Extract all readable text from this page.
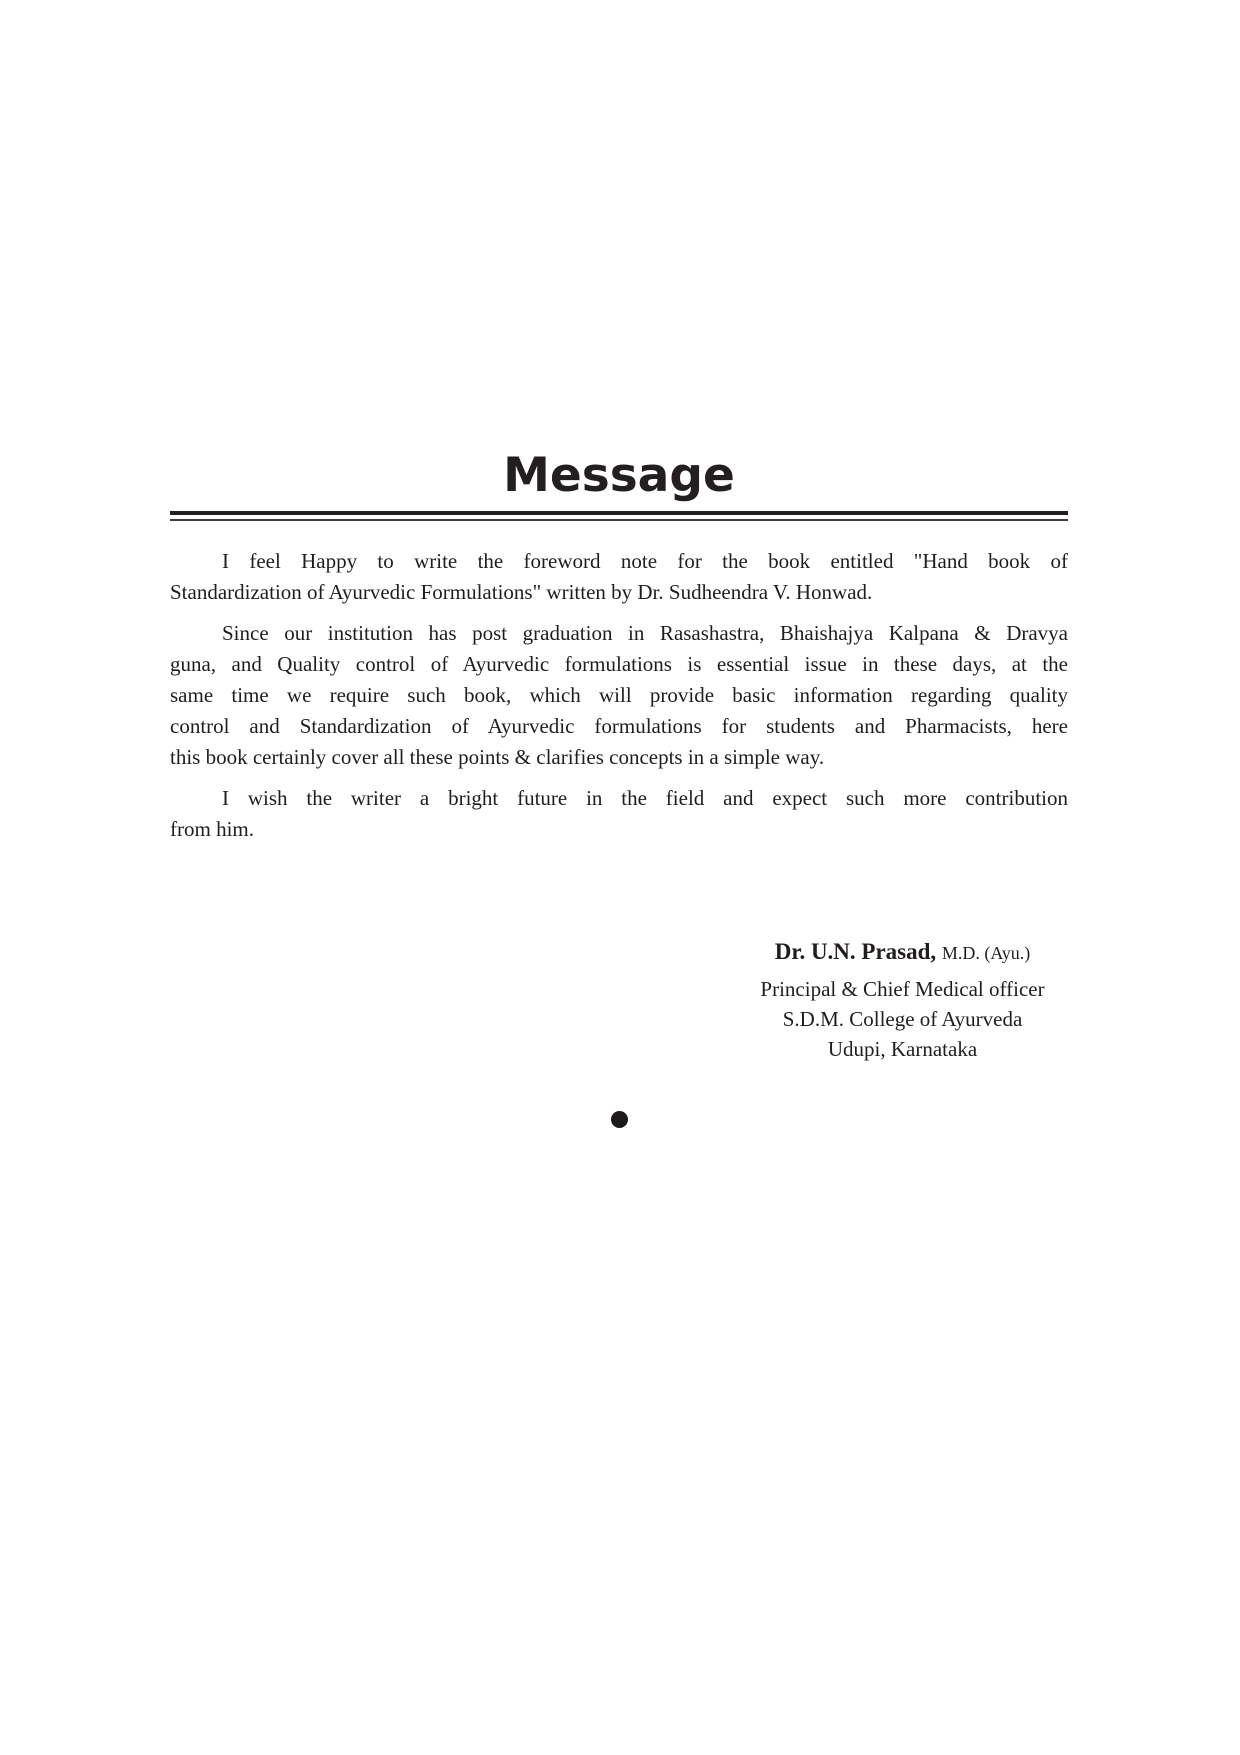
Message
I feel Happy to write the foreword note for the book entitled "Hand book of
Standardization of Ayurvedic Formulations" written by Dr. Sudheendra V. Honwad.
Since our institution has post graduation in Rasashastra, Bhaishajya Kalpana & Dravya
guna, and Quality control of Ayurvedic formulations is essential issue in these days, at the
same time we require such book, which will provide basic information regarding quality
control and Standardization of Ayurvedic formulations for students and Pharmacists, here
this book certainly cover all these points & clarifies concepts in a simple way.
I wish the writer a bright future in the field and expect such more contribution
from him.
Dr. U.N. Prasad, M.D. (Ayu.)
Principal & Chief Medical officer
S.D.M. College of Ayurveda
Udupi, Karnataka
